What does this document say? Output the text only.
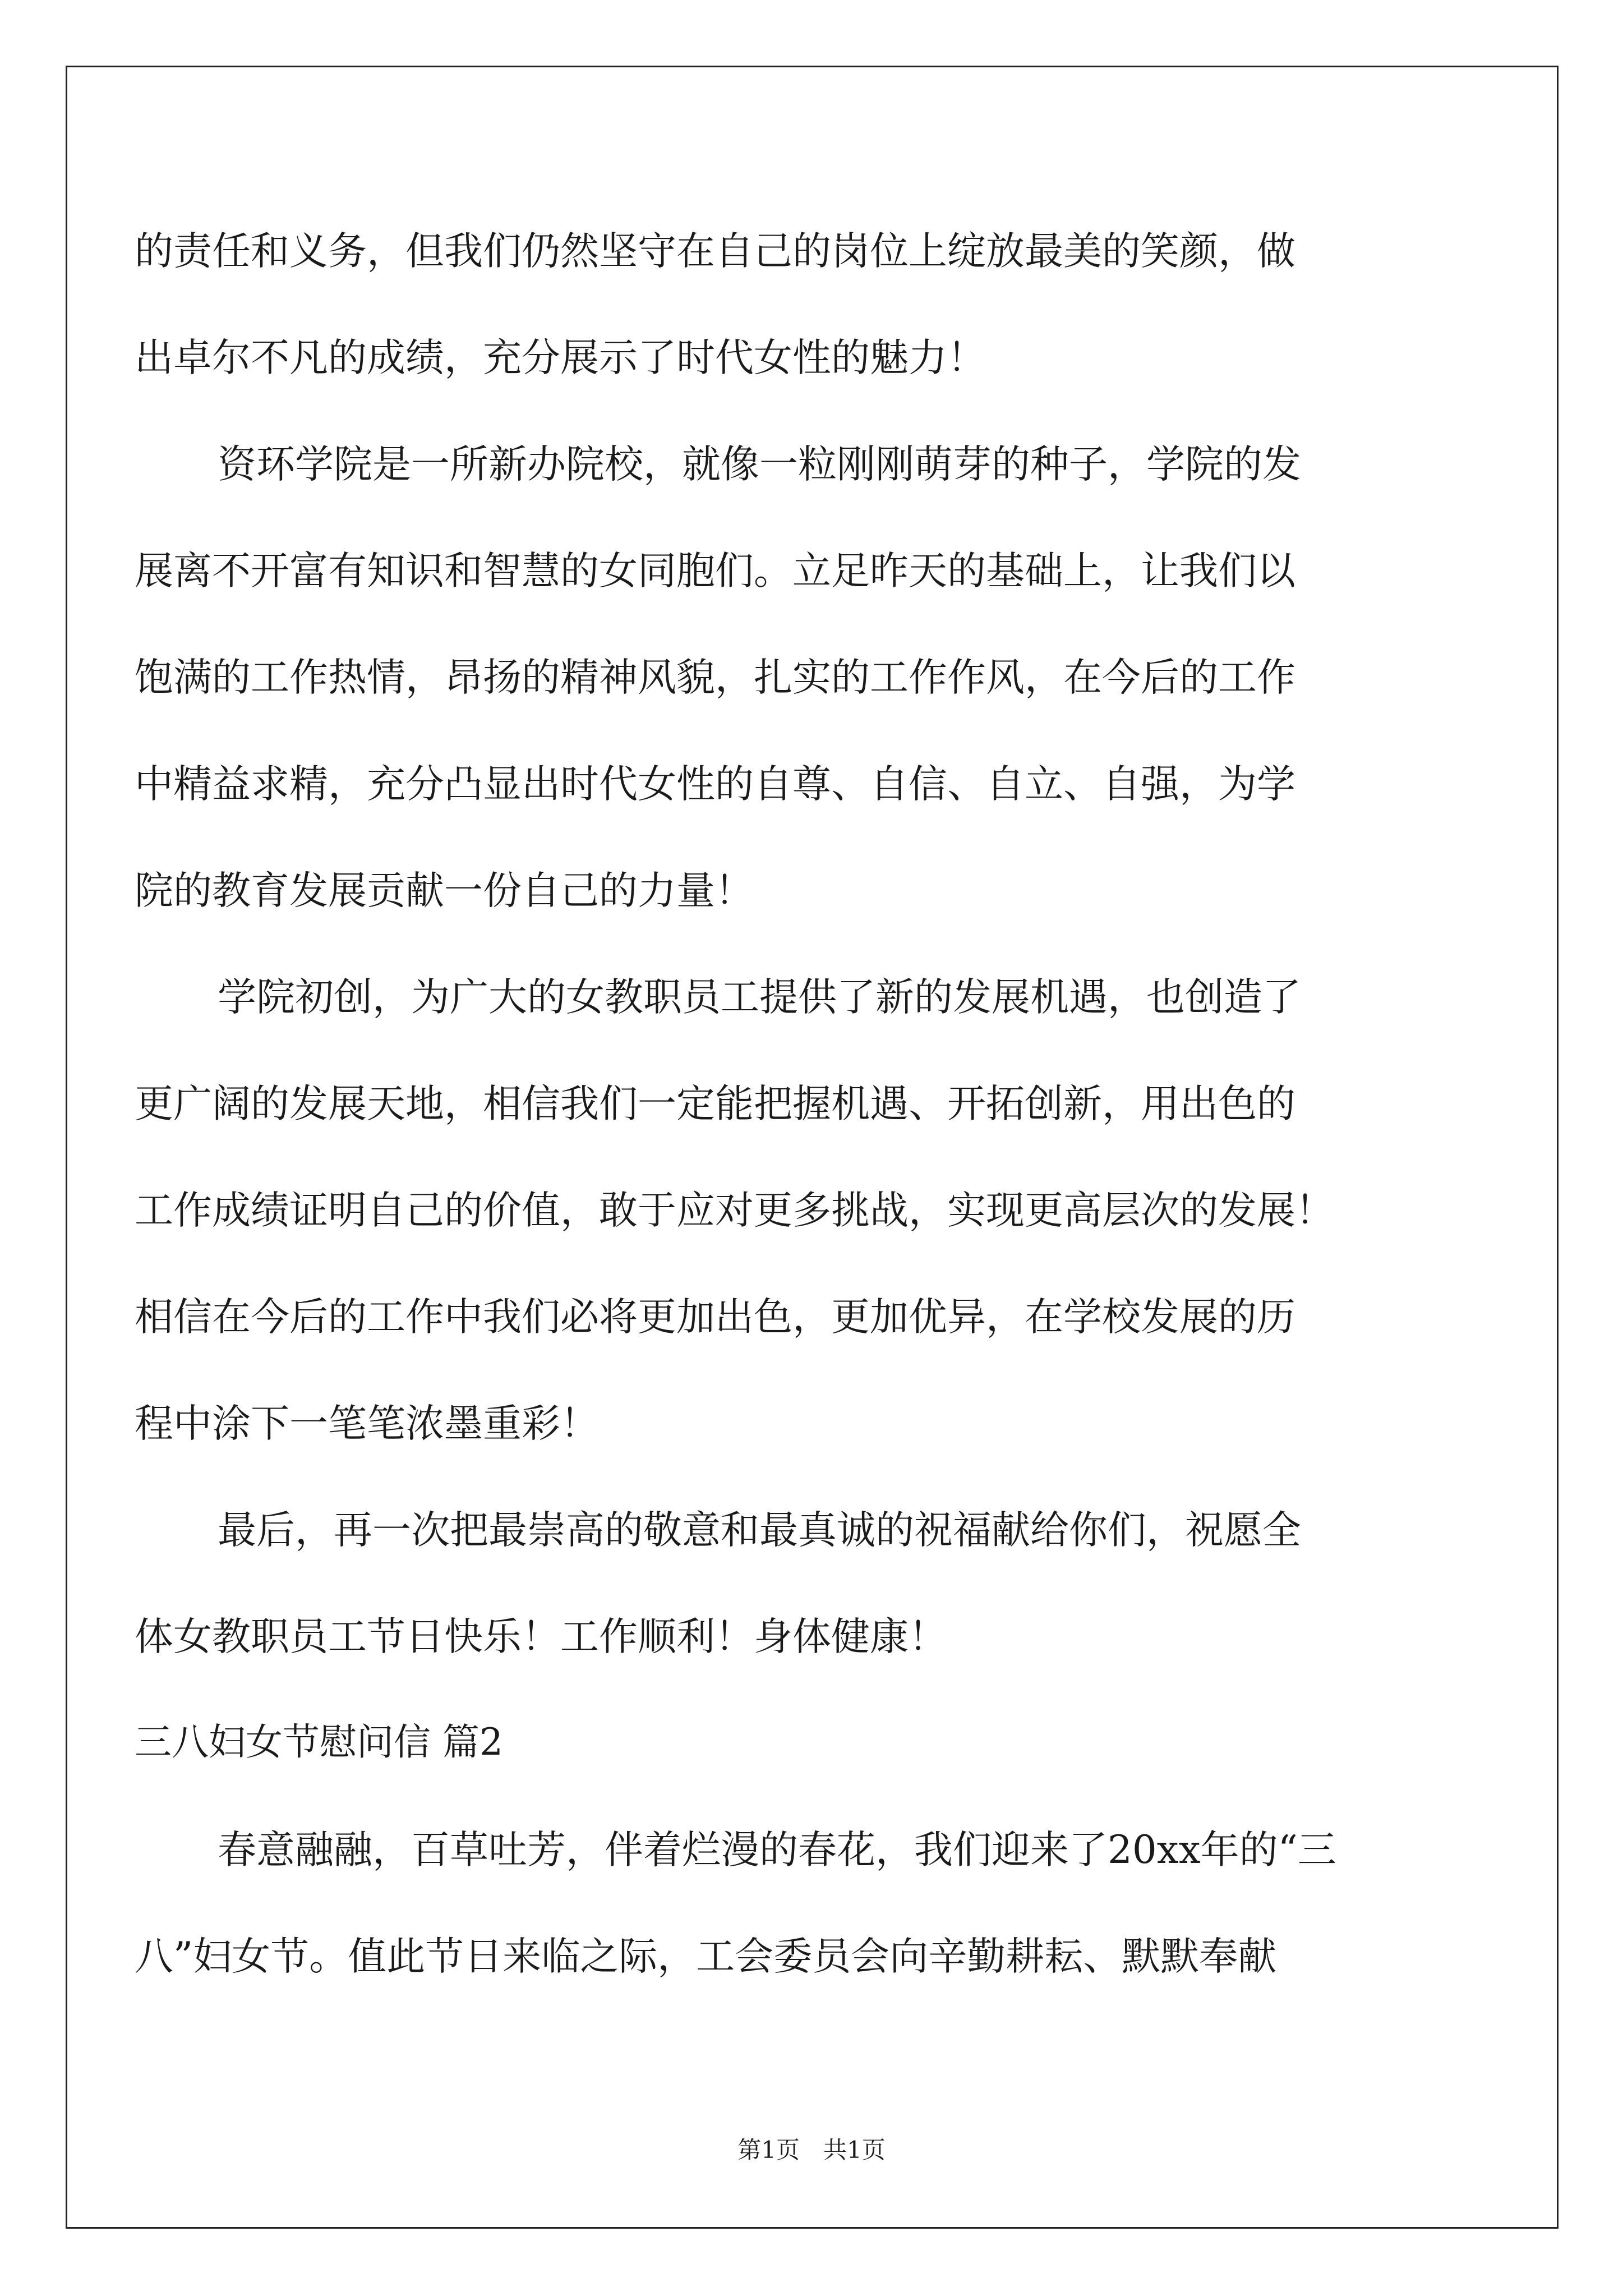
的责任和义务，但我们仍然坚守在自己的岗位上绽放最美的笑颜，做
出卓尔不凡的成绩，充分展示了时代女性的魅力！
资环学院是一所新办院校，就像一粒刚刚萌芽的种子，学院的发
展离不开富有知识和智慧的女同胞们。立足昨天的基础上，让我们以
饱满的工作热情，昂扬的精神风貌，扎实的工作作风，在今后的工作
中精益求精，充分凸显出时代女性的自尊、自信、自立、自强，为学
院的教育发展贡献一份自己的力量！
学院初创，为广大的女教职员工提供了新的发展机遇，也创造了
更广阔的发展天地，相信我们一定能把握机遇、开拓创新，用出色的
工作成绩证明自己的价值，敢于应对更多挑战，实现更高层次的发展！
相信在今后的工作中我们必将更加出色，更加优异，在学校发展的历
程中涂下一笔笔浓墨重彩！
最后，再一次把最崇高的敬意和最真诚的祝福献给你们，祝愿全
体女教职员工节日快乐！工作顺利！身体健康！
三八妇女节慰问信 篇2
春意融融，百草吐芳，伴着烂漫的春花，我们迎来了20xx年的“三
八”妇女节。值此节日来临之际，工会委员会向辛勤耕耘、默默奉献
第1页　共1页
